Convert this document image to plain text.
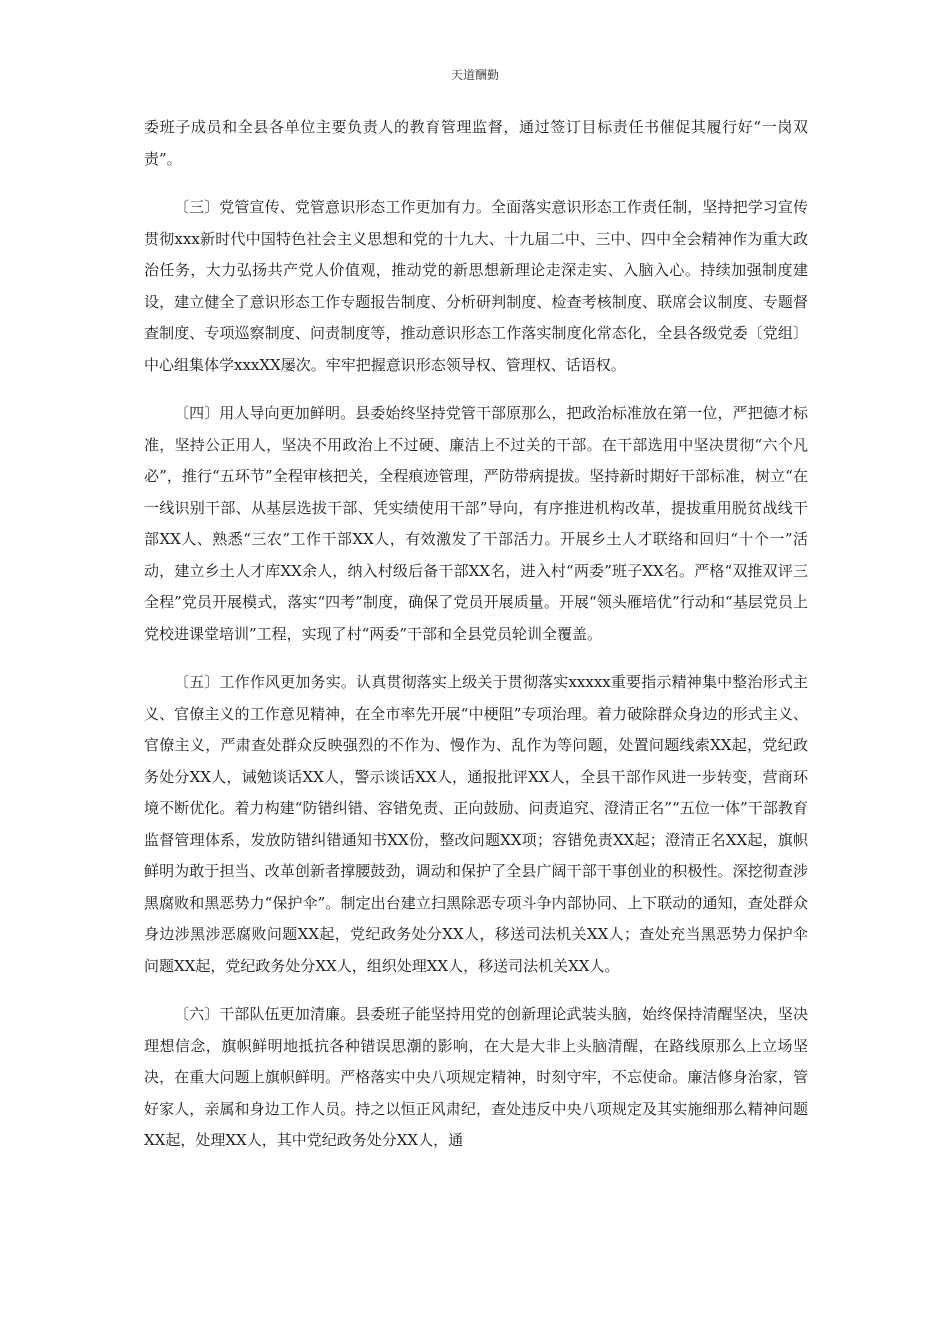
天道酬勤

委班子成员和全县各单位主要负责人的教育管理监督，通过签订目标责任书催促其履行好“一岗双责”。

〔三〕党管宣传、党管意识形态工作更加有力。全面落实意识形态工作责任制，坚持把学习宣传贯彻xxx新时代中国特色社会主义思想和党的十九大、十九届二中、三中、四中全会精神作为重大政治任务，大力弘扬共产党人价值观，推动党的新思想新理论走深走实、入脑入心。持续加强制度建设，建立健全了意识形态工作专题报告制度、分析研判制度、检查考核制度、联席会议制度、专题督查制度、专项巡察制度、问责制度等，推动意识形态工作落实制度化常态化，全县各级党委〔党组〕中心组集体学xxxXX屡次。牢牢把握意识形态领导权、管理权、话语权。

〔四〕用人导向更加鲜明。县委始终坚持党管干部原那么，把政治标准放在第一位，严把德才标准，坚持公正用人，坚决不用政治上不过硬、廉洁上不过关的干部。在干部选用中坚决贯彻“六个凡必”，推行“五环节”全程审核把关，全程痕迹管理，严防带病提拔。坚持新时期好干部标准，树立“在一线识别干部、从基层选拔干部、凭实绩使用干部”导向，有序推进机构改革，提拔重用脱贫战线干部XX人、熟悉“三农”工作干部XX人，有效激发了干部活力。开展乡土人才联络和回归“十个一”活动，建立乡土人才库XX余人，纳入村级后备干部XX名，进入村“两委”班子XX名。严格“双推双评三全程”党员开展模式，落实“四考”制度，确保了党员开展质量。开展“领头雁培优”行动和“基层党员上党校进课堂培训”工程，实现了村“两委”干部和全县党员轮训全覆盖。

〔五〕工作作风更加务实。认真贯彻落实上级关于贯彻落实xxxxx重要指示精神集中整治形式主义、官僚主义的工作意见精神，在全市率先开展“中梗阻”专项治理。着力破除群众身边的形式主义、官僚主义，严肃查处群众反映强烈的不作为、慢作为、乱作为等问题，处置问题线索XX起，党纪政务处分XX人，诫勉谈话XX人，警示谈话XX人，通报批评XX人，全县干部作风进一步转变，营商环境不断优化。着力构建“防错纠错、容错免责、正向鼓励、问责追究、澄清正名”“五位一体”干部教育监督管理体系，发放防错纠错通知书XX份，整改问题XX项；容错免责XX起；澄清正名XX起，旗帜鲜明为敢于担当、改革创新者撑腰鼓劲，调动和保护了全县广阔干部干事创业的积极性。深挖彻查涉黑腐败和黑恶势力“保护伞”。制定出台建立扫黑除恶专项斗争内部协同、上下联动的通知，查处群众身边涉黑涉恶腐败问题XX起，党纪政务处分XX人，移送司法机关XX人；查处充当黑恶势力保护伞问题XX起，党纪政务处分XX人，组织处理XX人，移送司法机关XX人。

〔六〕干部队伍更加清廉。县委班子能坚持用党的创新理论武装头脑，始终保持清醒坚决，坚决理想信念，旗帜鲜明地抵抗各种错误思潮的影响，在大是大非上头脑清醒，在路线原那么上立场坚决，在重大问题上旗帜鲜明。严格落实中央八项规定精神，时刻守牢，不忘使命。廉洁修身治家，管好家人，亲属和身边工作人员。持之以恒正风肃纪，查处违反中央八项规定及其实施细那么精神问题XX起，处理XX人，其中党纪政务处分XX人，通
